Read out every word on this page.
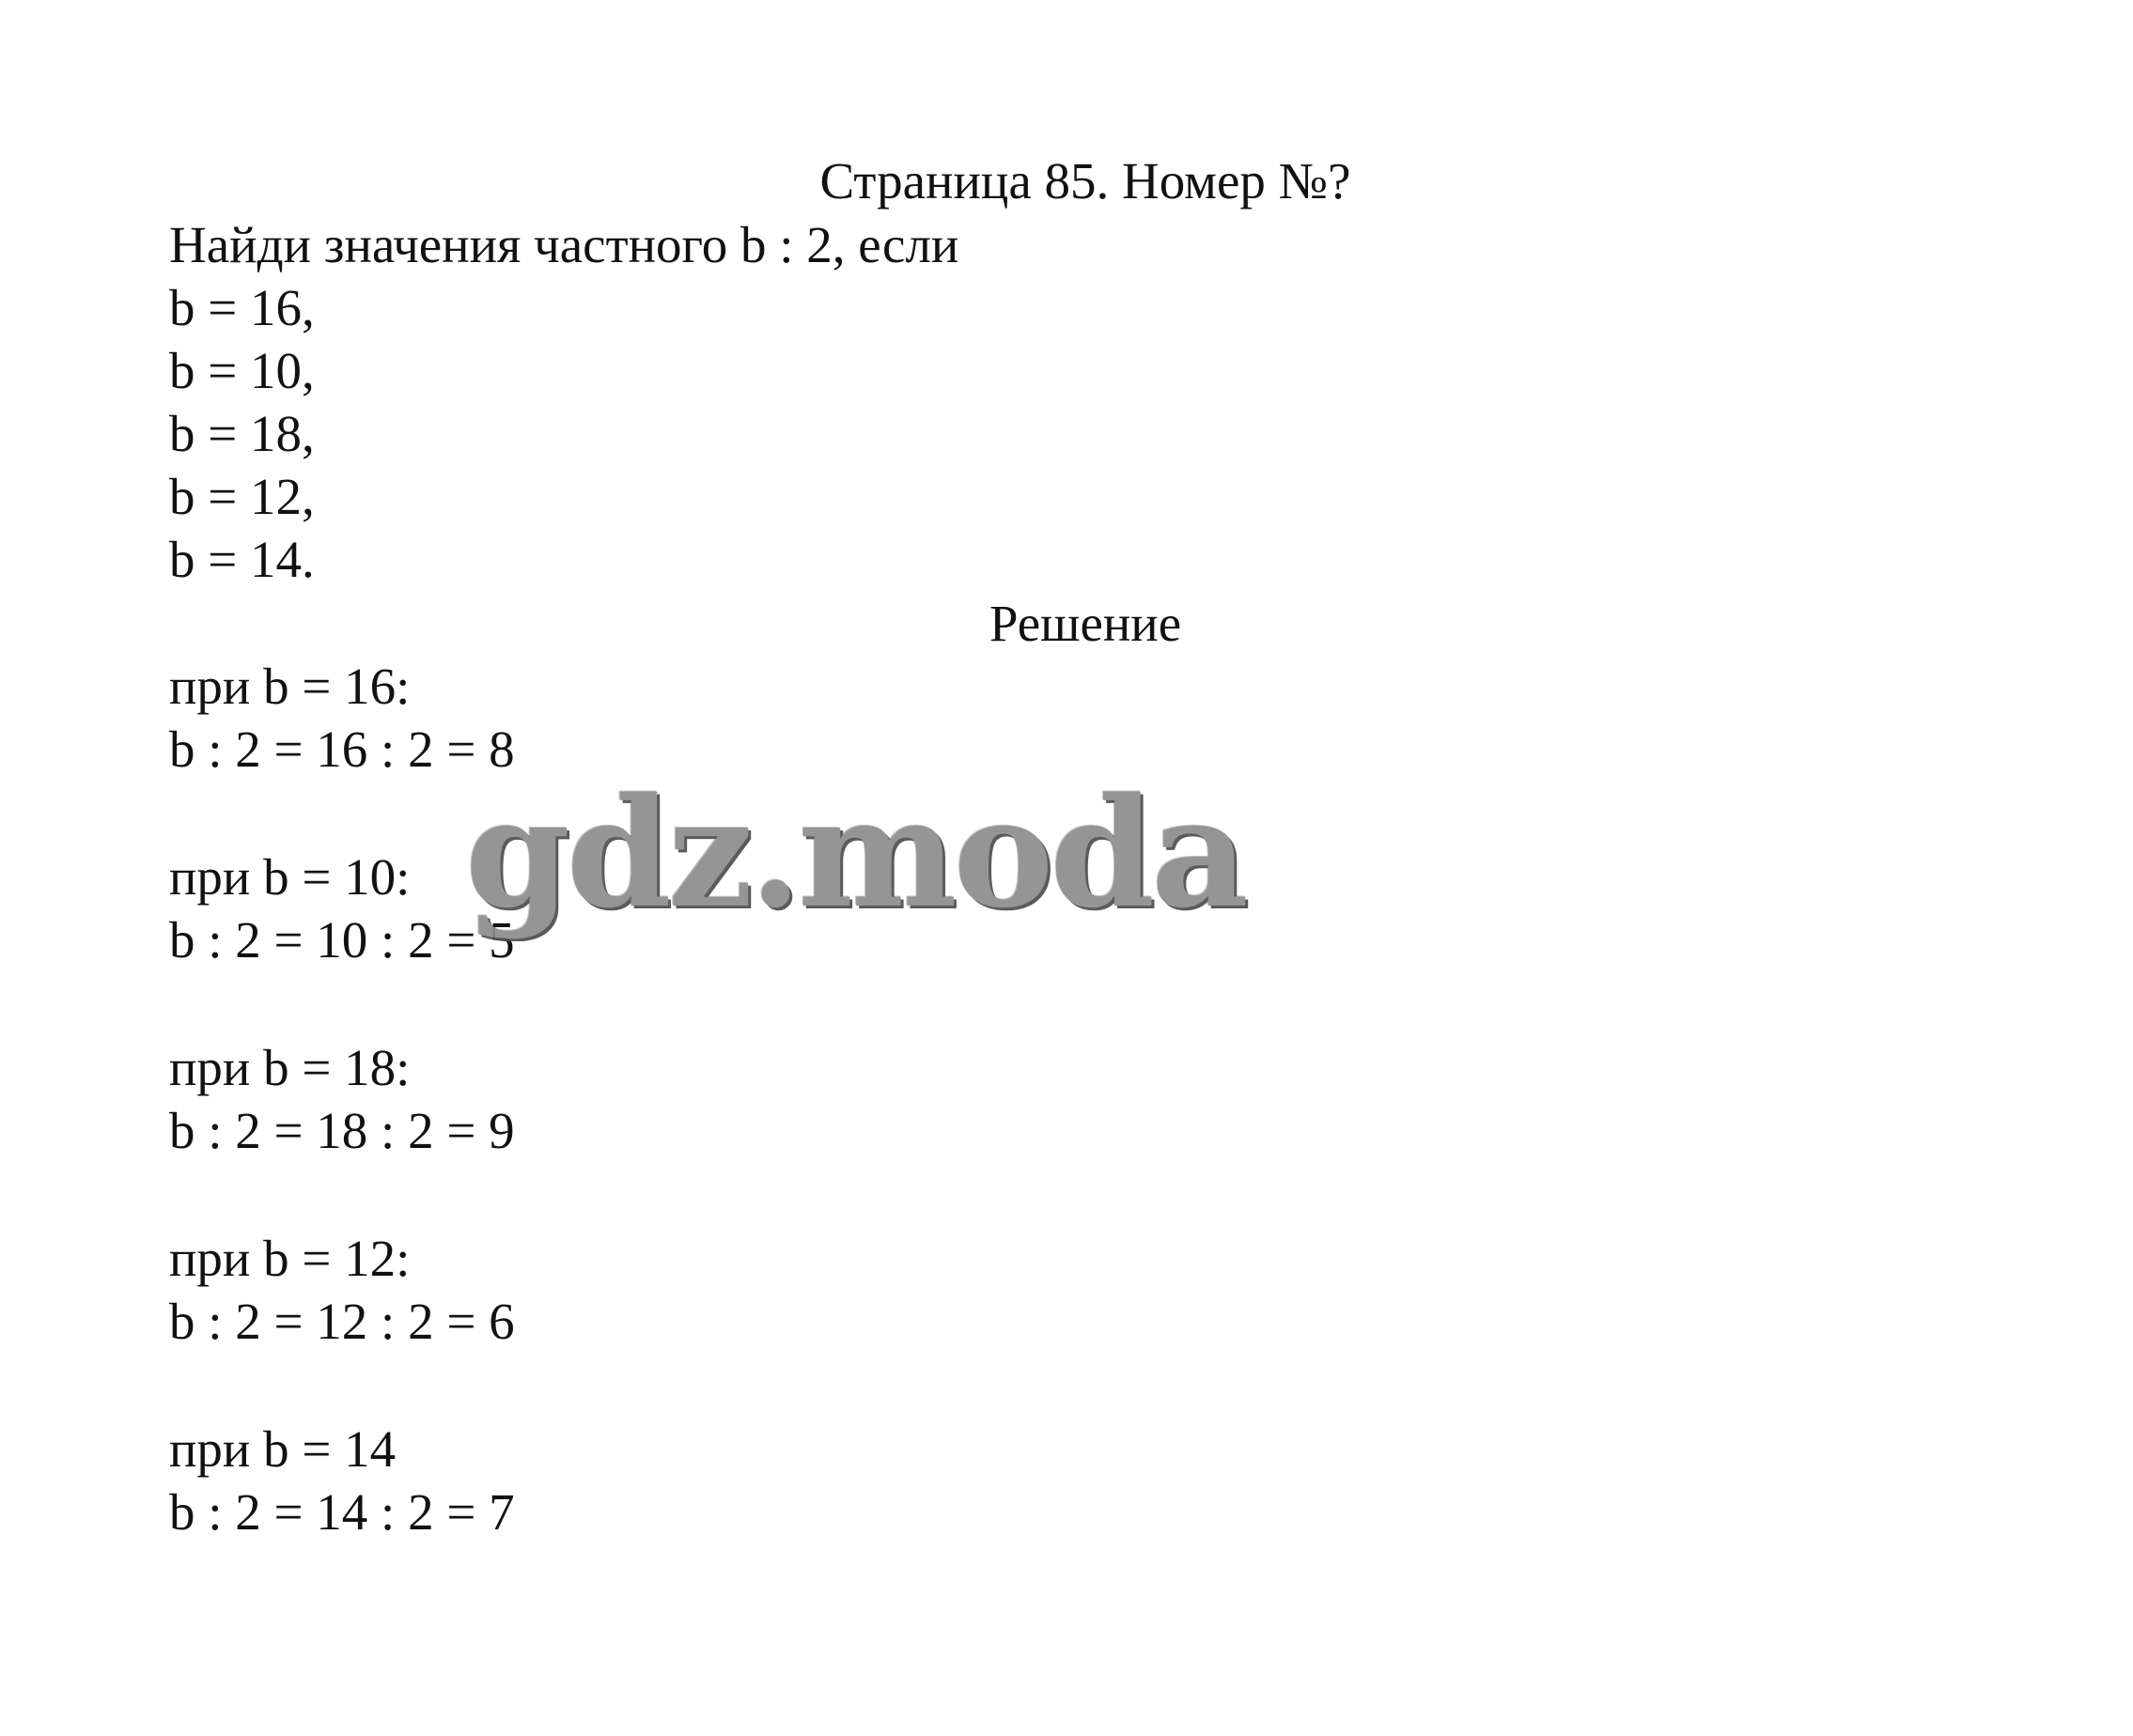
Страница 85. Номер №?
Найди значения частного b : 2, если
b = 16,
b = 10,
b = 18,
b = 12,
b = 14.
Решение
при b = 16:
b : 2 = 16 : 2 = 8
при b = 10:
b : 2 = 10 : 2 = 5
при b = 18:
b : 2 = 18 : 2 = 9
при b = 12:
b : 2 = 12 : 2 = 6
при b = 14
b : 2 = 14 : 2 = 7
gdz.moda
